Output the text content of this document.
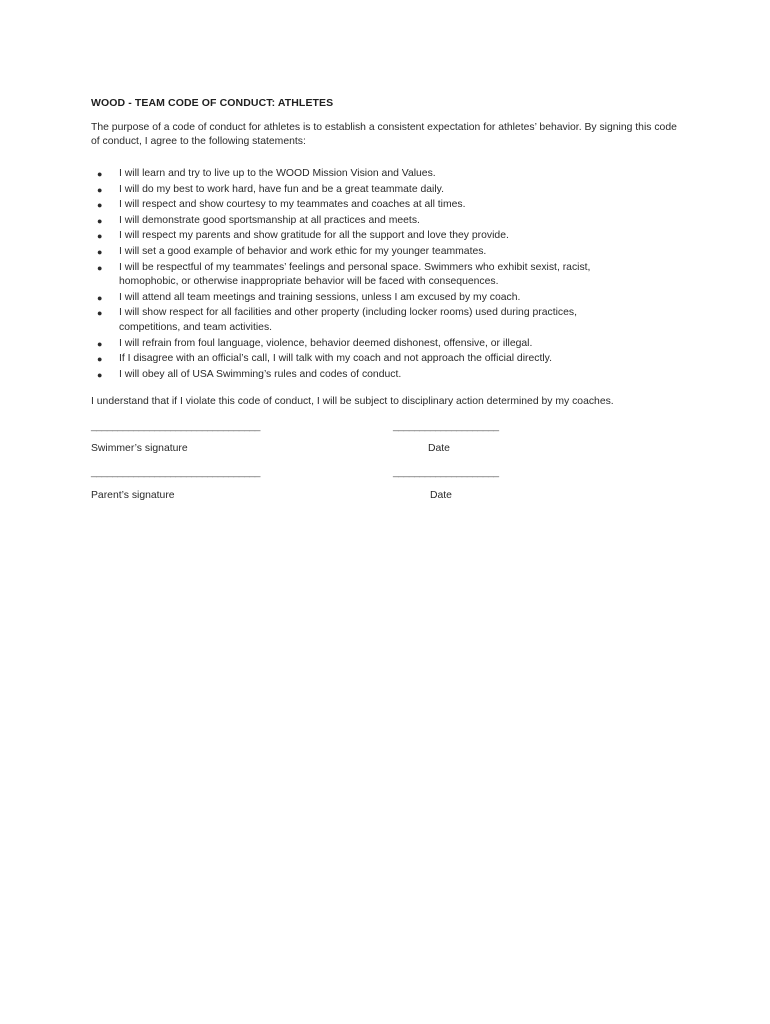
WOOD - TEAM CODE OF CONDUCT: ATHLETES
The purpose of a code of conduct for athletes is to establish a consistent expectation for athletes’ behavior. By signing this code of conduct, I agree to the following statements:
● I will learn and try to live up to the WOOD Mission Vision and Values.
● I will do my best to work hard, have fun and be a great teammate daily.
● I will respect and show courtesy to my teammates and coaches at all times.
● I will demonstrate good sportsmanship at all practices and meets.
● I will respect my parents and show gratitude for all the support and love they provide.
● I will set a good example of behavior and work ethic for my younger teammates.
● I will be respectful of my teammates’ feelings and personal space. Swimmers who exhibit sexist, racist, homophobic, or otherwise inappropriate behavior will be faced with consequences.
● I will attend all team meetings and training sessions, unless I am excused by my coach.
● I will show respect for all facilities and other property (including locker rooms) used during practices, competitions, and team activities.
● I will refrain from foul language, violence, behavior deemed dishonest, offensive, or illegal.
● If I disagree with an official’s call, I will talk with my coach and not approach the official directly.
● I will obey all of USA Swimming’s rules and codes of conduct.
I understand that if I violate this code of conduct, I will be subject to disciplinary action determined by my coaches.
________________________________	____________________
Swimmer’s signature	Date
________________________________	____________________
Parent’s signature	Date
